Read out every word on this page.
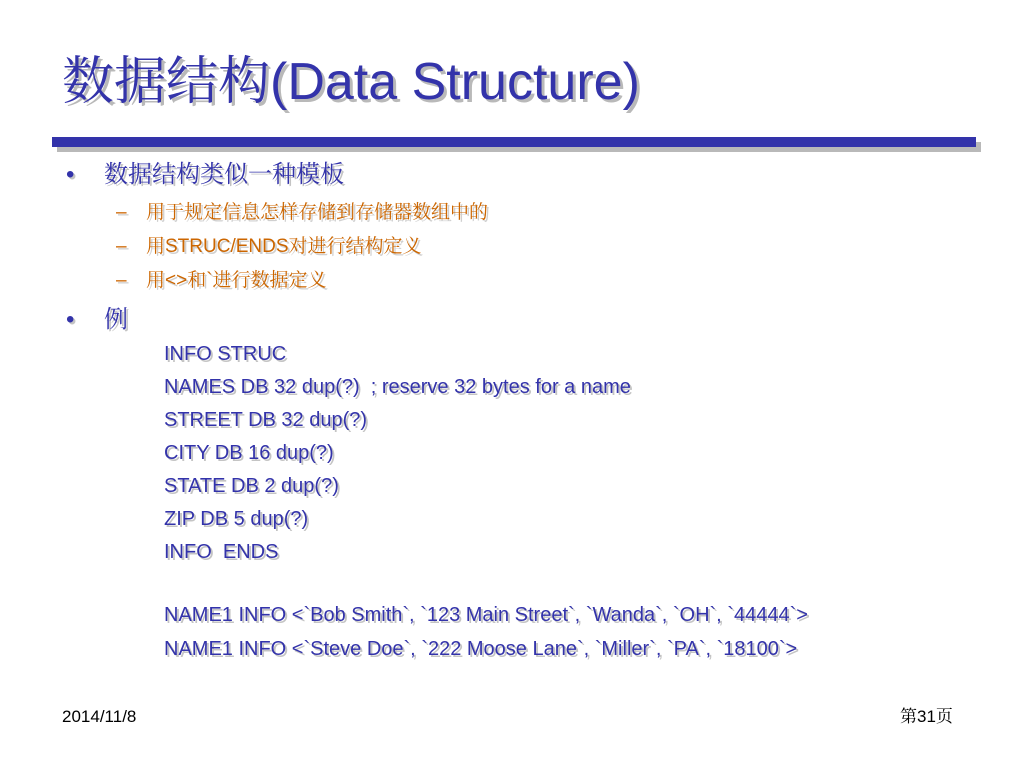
数据结构(Data Structure)
• 数据结构类似一种模板
– 用于规定信息怎样存储到存储器数组中的
– 用STRUC/ENDS对进行结构定义
– 用<>和`进行数据定义
• 例
INFO STRUC
NAMES DB 32 dup(?)  ; reserve 32 bytes for a name
STREET DB 32 dup(?)
CITY DB 16 dup(?)
STATE DB 2 dup(?)
ZIP DB 5 dup(?)
INFO  ENDS
NAME1 INFO <`Bob Smith`, `123 Main Street`, `Wanda`, `OH`, `44444`>
NAME1 INFO <`Steve Doe`, `222 Moose Lane`, `Miller`, `PA`, `18100`>
2014/11/8	第31页
